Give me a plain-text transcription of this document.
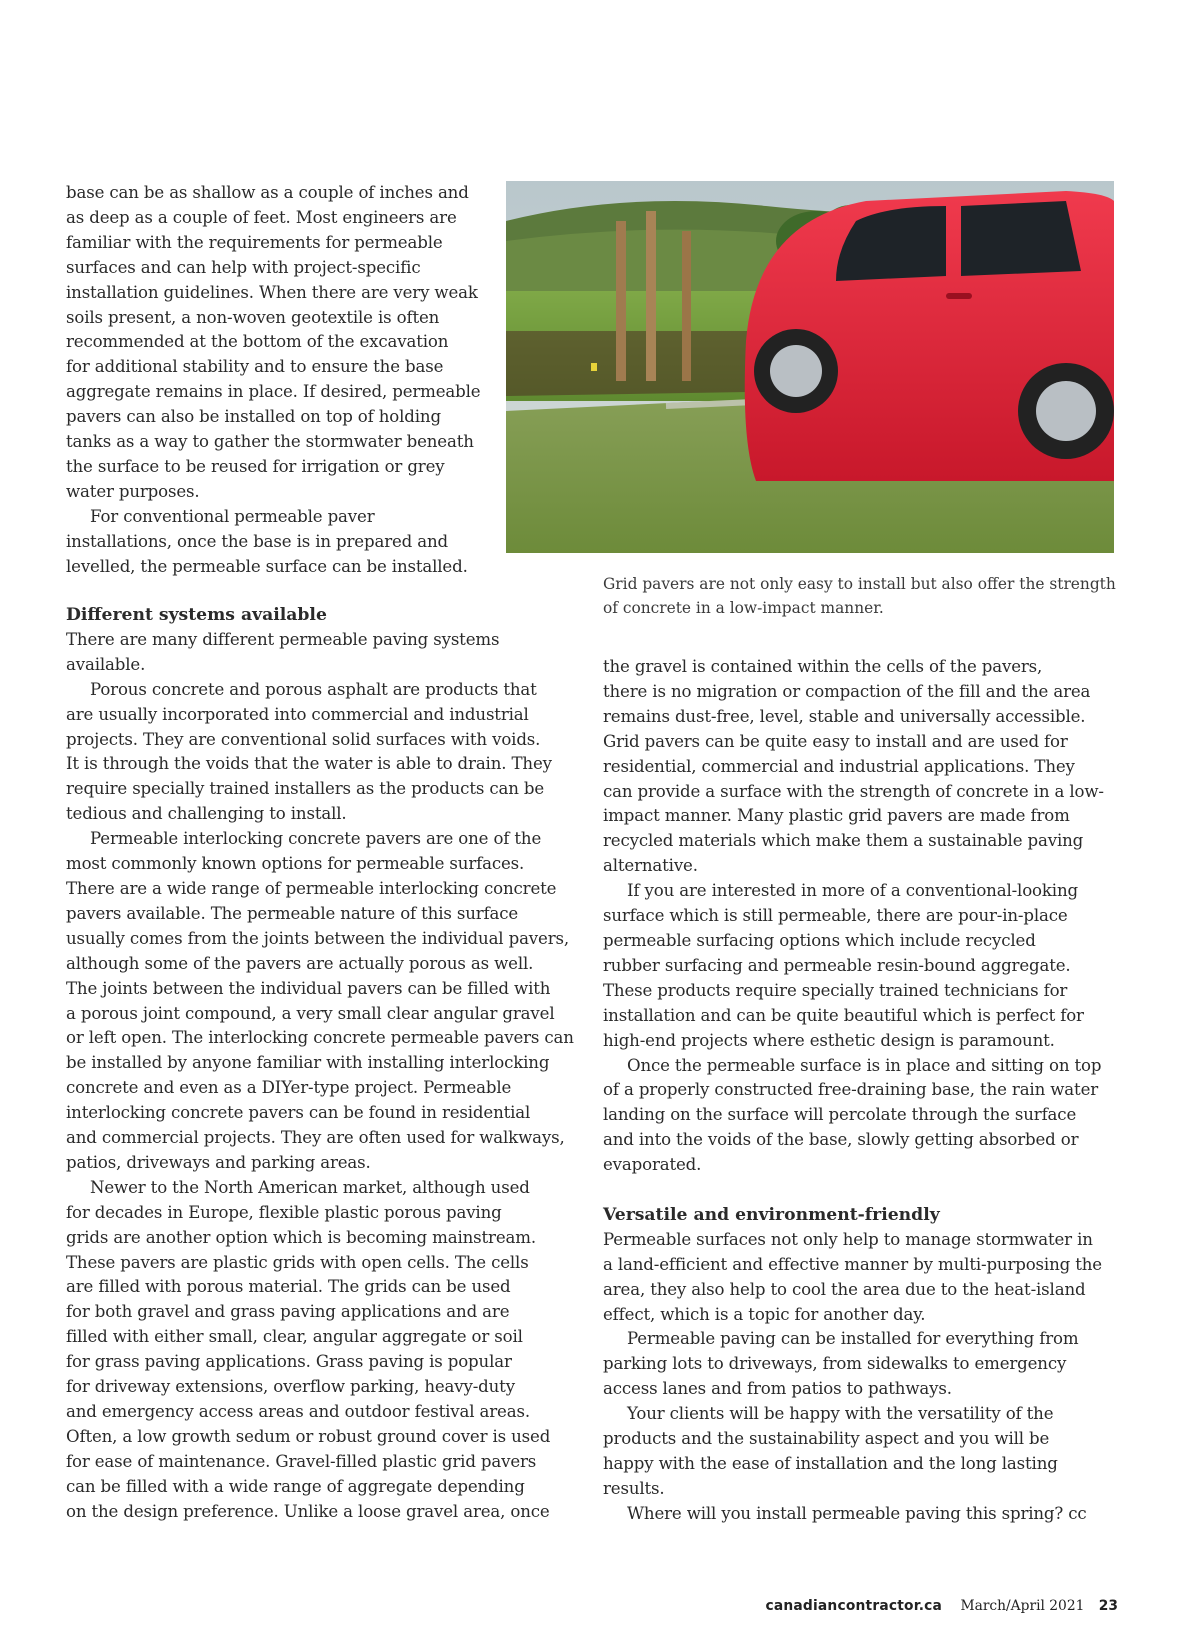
base can be as shallow as a couple of inches and
as deep as a couple of feet. Most engineers are
familiar with the requirements for permeable
surfaces and can help with project-specific
installation guidelines. When there are very weak
soils present, a non-woven geotextile is often
recommended at the bottom of the excavation
for additional stability and to ensure the base
aggregate remains in place. If desired, permeable
pavers can also be installed on top of holding
tanks as a way to gather the stormwater beneath
the surface to be reused for irrigation or grey
water purposes.

For conventional permeable paver
installations, once the base is in prepared and
levelled, the permeable surface can be installed.

Grid pavers are not only easy to install but also offer the strength
of concrete in a low-impact manner.
Different systems available

There are many different permeable paving systems
available.

Porous concrete and porous asphalt are products that
are usually incorporated into commercial and industrial
projects. They are conventional solid surfaces with voids.
It is through the voids that the water is able to drain. They
require specially trained installers as the products can be
tedious and challenging to install.

Permeable interlocking concrete pavers are one of the
most commonly known options for permeable surfaces.
There are a wide range of permeable interlocking concrete
pavers available. The permeable nature of this surface
usually comes from the joints between the individual pavers,
although some of the pavers are actually porous as well.
The joints between the individual pavers can be filled with
a porous joint compound, a very small clear angular gravel
or left open. The interlocking concrete permeable pavers can
be installed by anyone familiar with installing interlocking
concrete and even as a DIYer-type project. Permeable
interlocking concrete pavers can be found in residential
and commercial projects. They are often used for walkways,
patios, driveways and parking areas.

Newer to the North American market, although used
for decades in Europe, flexible plastic porous paving
grids are another option which is becoming mainstream.
These pavers are plastic grids with open cells. The cells
are filled with porous material. The grids can be used
for both gravel and grass paving applications and are
filled with either small, clear, angular aggregate or soil
for grass paving applications. Grass paving is popular
for driveway extensions, overflow parking, heavy-duty
and emergency access areas and outdoor festival areas.
Often, a low growth sedum or robust ground cover is used
for ease of maintenance. Gravel-filled plastic grid pavers
can be filled with a wide range of aggregate depending
on the design preference. Unlike a loose gravel area, once

the gravel is contained within the cells of the pavers,
there is no migration or compaction of the fill and the area
remains dust-free, level, stable and universally accessible.
Grid pavers can be quite easy to install and are used for
residential, commercial and industrial applications. They
can provide a surface with the strength of concrete in a low-
impact manner. Many plastic grid pavers are made from
recycled materials which make them a sustainable paving
alternative.

If you are interested in more of a conventional-looking
surface which is still permeable, there are pour-in-place
permeable surfacing options which include recycled
rubber surfacing and permeable resin-bound aggregate.
These products require specially trained technicians for
installation and can be quite beautiful which is perfect for
high-end projects where esthetic design is paramount.

Once the permeable surface is in place and sitting on top
of a properly constructed free-draining base, the rain water
landing on the surface will percolate through the surface
and into the voids of the base, slowly getting absorbed or
evaporated.

Versatile and environment-friendly

Permeable surfaces not only help to manage stormwater in
a land-efficient and effective manner by multi-purposing the
area, they also help to cool the area due to the heat-island
effect, which is a topic for another day.

Permeable paving can be installed for everything from
parking lots to driveways, from sidewalks to emergency
access lanes and from patios to pathways.

Your clients will be happy with the versatility of the
products and the sustainability aspect and you will be
happy with the ease of installation and the long lasting
results.

Where will you install permeable paving this spring? cc

canadiancontractor.ca March/April 2021 23
